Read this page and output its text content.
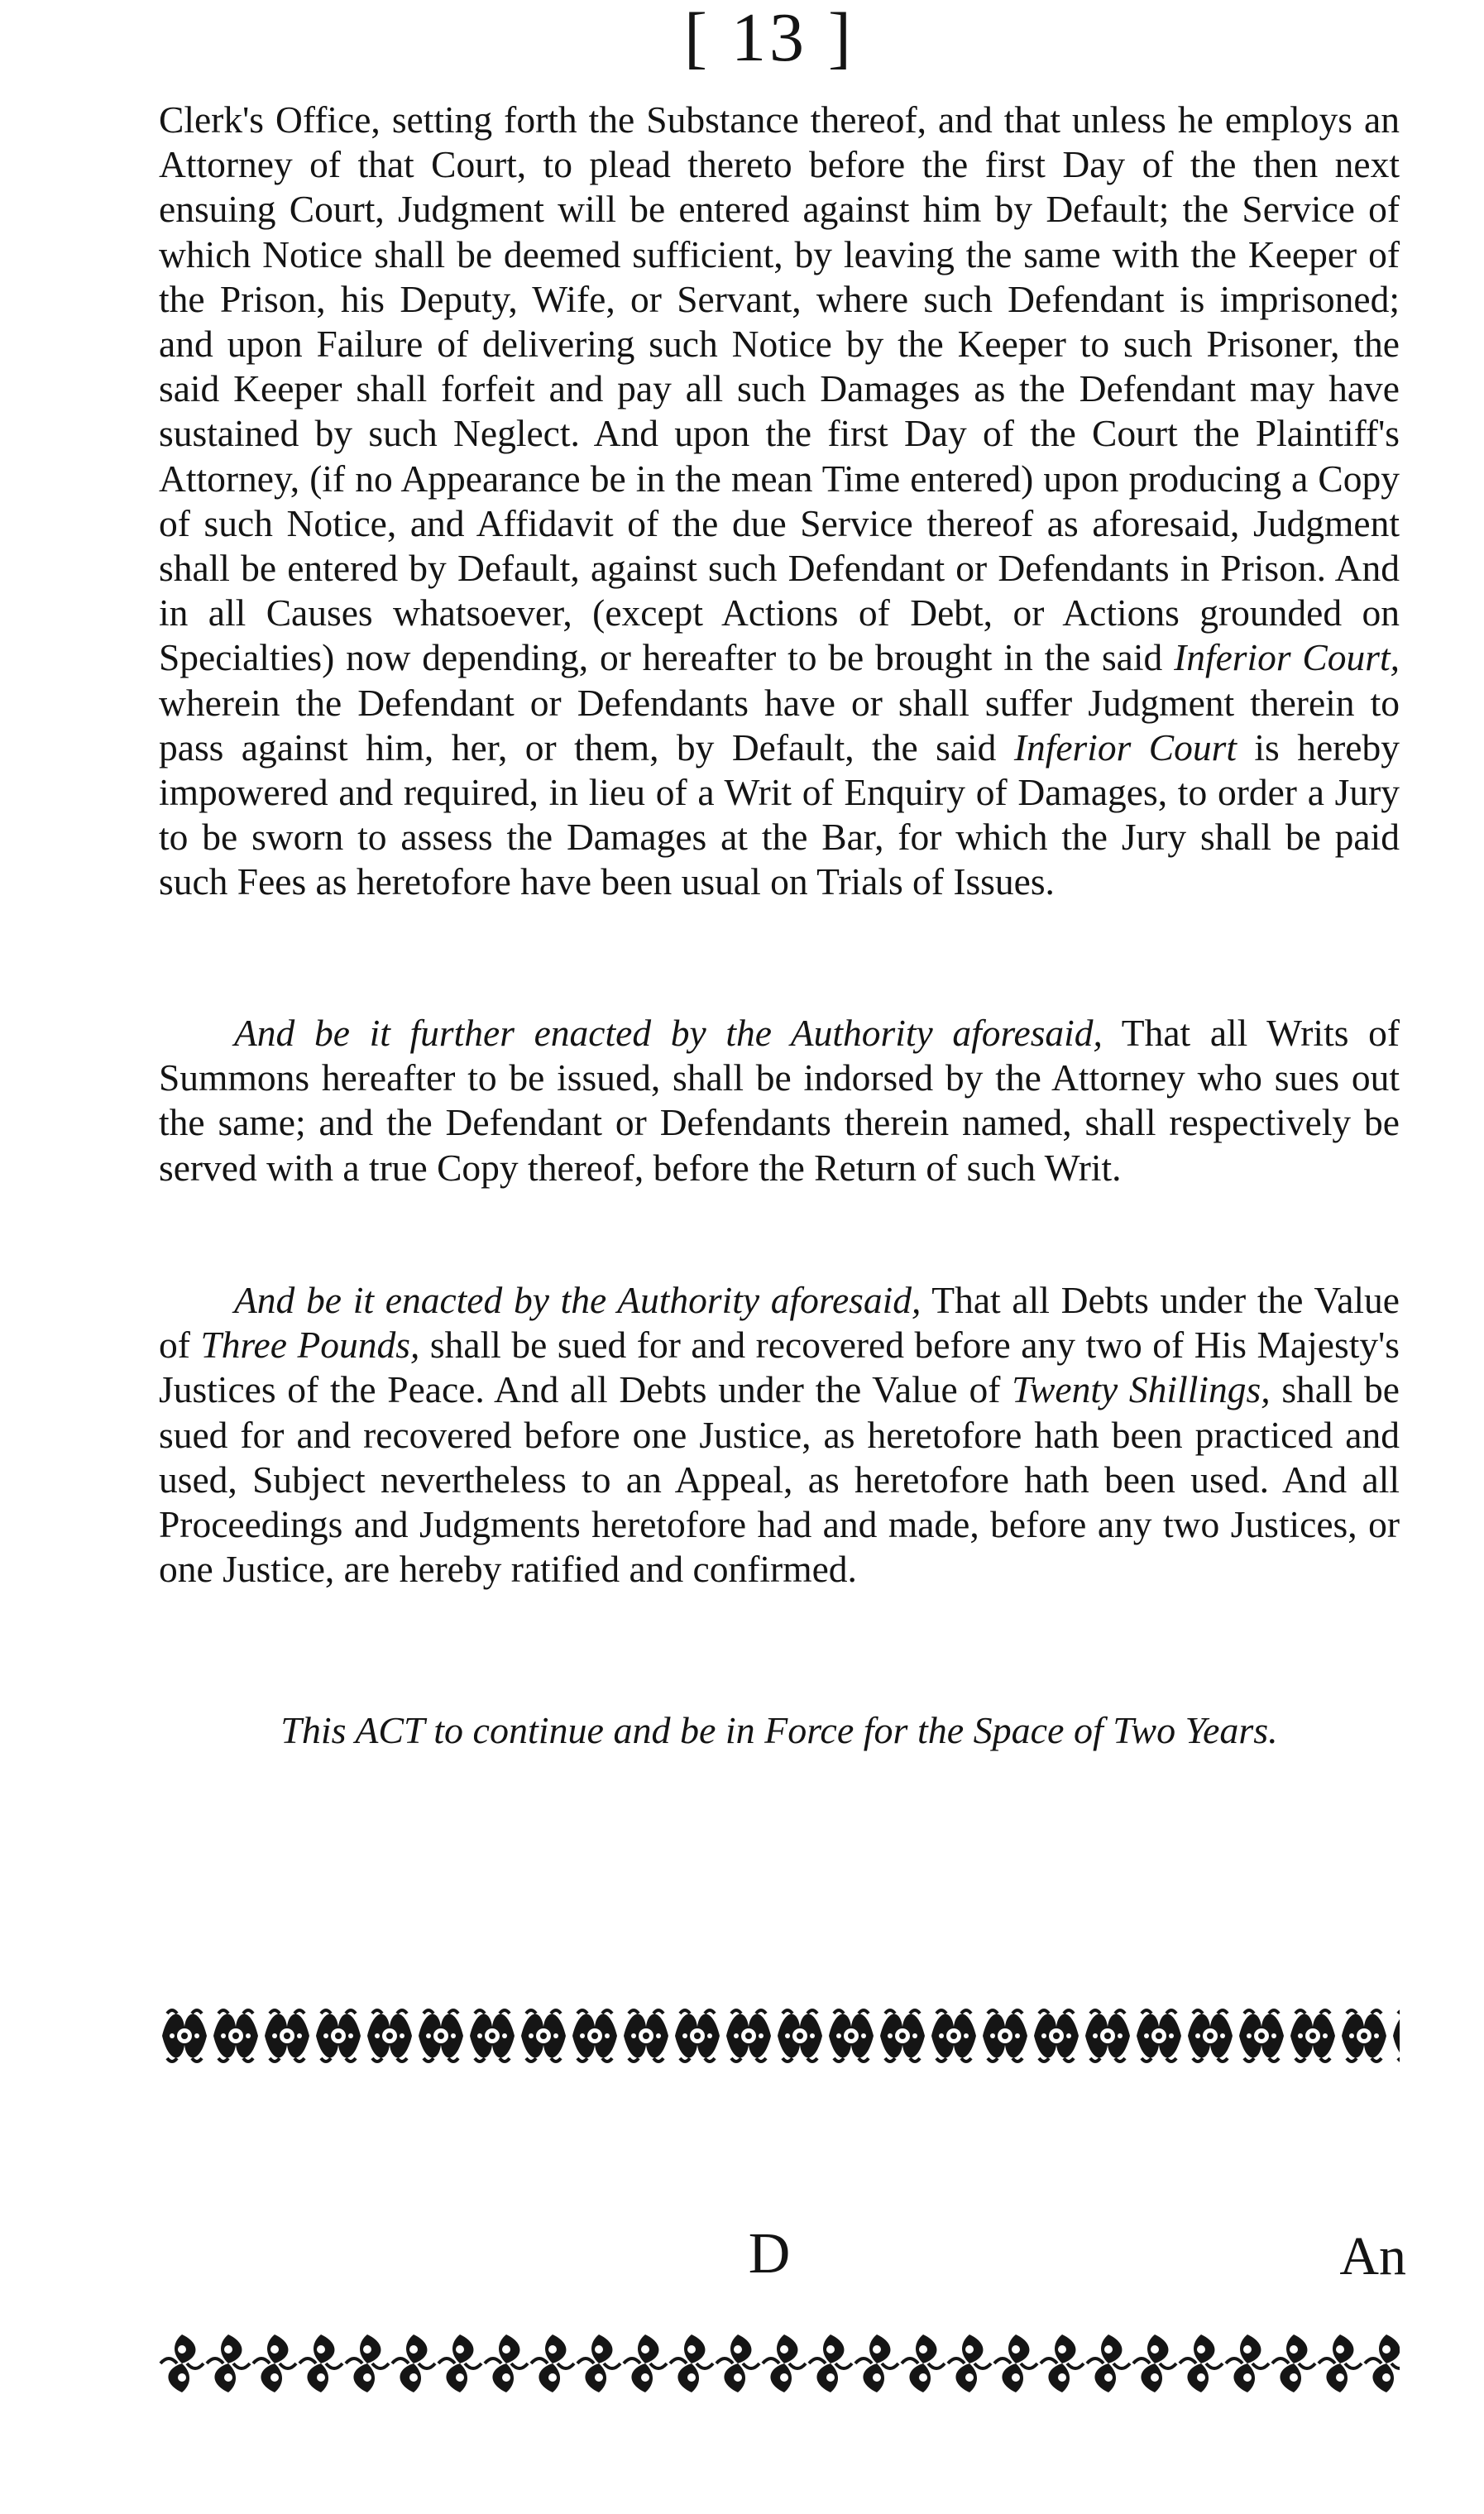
[ 13 ]

Clerk's Office, setting forth the Substance thereof, and that unless he employs an Attorney of that Court, to plead thereto before the first Day of the then next ensuing Court, Judgment will be entered against him by Default; the Service of which Notice shall be deemed sufficient, by leaving the same with the Keeper of the Prison, his Deputy, Wife, or Servant, where such Defendant is imprisoned; and upon Failure of delivering such Notice by the Keeper to such Prisoner, the said Keeper shall forfeit and pay all such Damages as the Defendant may have sustained by such Neglect. And upon the first Day of the Court the Plaintiff's Attorney, (if no Appearance be in the mean Time entered) upon producing a Copy of such Notice, and Affidavit of the due Service thereof as aforesaid, Judgment shall be entered by Default, against such Defendant or Defendants in Prison. And in all Causes whatsoever, (except Actions of Debt, or Actions grounded on Specialties) now depending, or hereafter to be brought in the said Inferior Court, wherein the Defendant or Defendants have or shall suffer Judgment therein to pass against him, her, or them, by Default, the said Inferior Court is hereby impowered and required, in lieu of a Writ of Enquiry of Damages, to order a Jury to be sworn to assess the Damages at the Bar, for which the Jury shall be paid such Fees as heretofore have been usual on Trials of Issues.

  And be it further enacted by the Authority aforesaid, That all Writs of Summons hereafter to be issued, shall be indorsed by the Attorney who sues out the same; and the Defendant or Defendants therein named, shall respectively be served with a true Copy thereof, before the Return of such Writ.

  And be it enacted by the Authority aforesaid, That all Debts under the Value of Three Pounds, shall be sued for and recovered before any two of His Majesty's Justices of the Peace. And all Debts under the Value of Twenty Shillings, shall be sued for and recovered before one Justice, as heretofore hath been practiced and used, Subject nevertheless to an Appeal, as heretofore hath been used. And all Proceedings and Judgments heretofore had and made, before any two Justices, or one Justice, are hereby ratified and confirmed.

This ACT to continue and be in Force for the Space of Two Years.

D	An
